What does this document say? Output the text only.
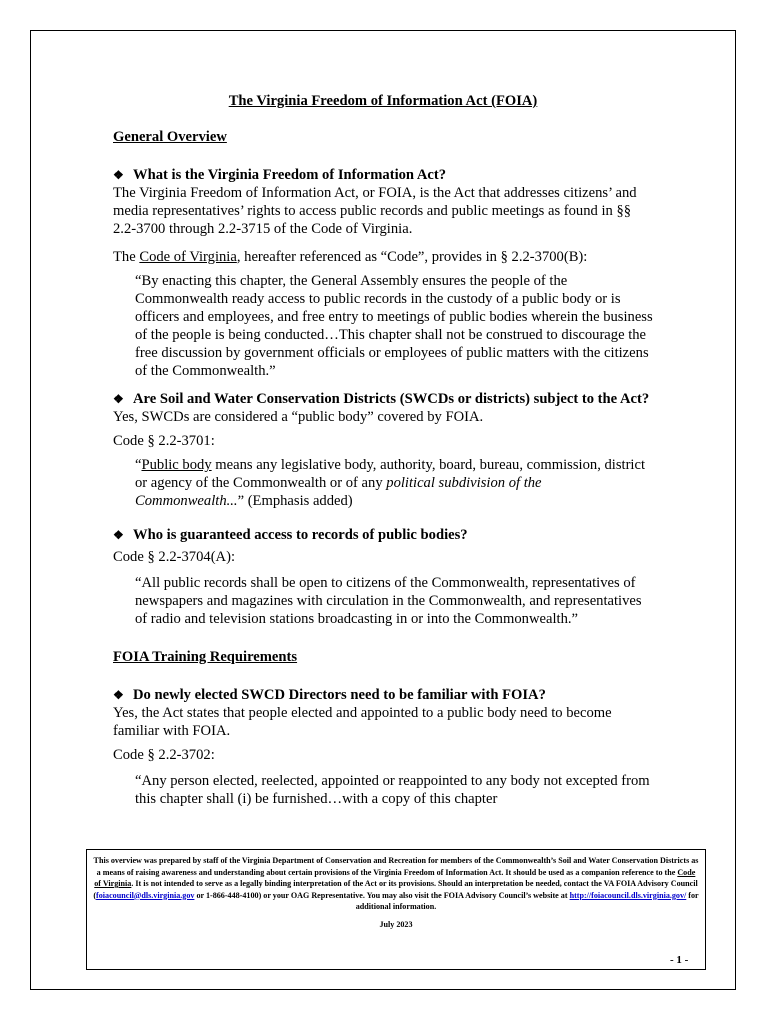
The Virginia Freedom of Information Act (FOIA)

General Overview

❖ What is the Virginia Freedom of Information Act?

The Virginia Freedom of Information Act, or FOIA, is the Act that addresses citizens’ and media representatives’ rights to access public records and public meetings as found in §§ 2.2-3700 through 2.2-3715 of the Code of Virginia.

The Code of Virginia, hereafter referenced as “Code”, provides in § 2.2-3700(B):

“By enacting this chapter, the General Assembly ensures the people of the Commonwealth ready access to public records in the custody of a public body or is officers and employees, and free entry to meetings of public bodies wherein the business of the people is being conducted…This chapter shall not be construed to discourage the free discussion by government officials or employees of public matters with the citizens of the Commonwealth.”

❖ Are Soil and Water Conservation Districts (SWCDs or districts) subject to the Act?

Yes, SWCDs are considered a “public body” covered by FOIA.

Code § 2.2-3701:

“Public body means any legislative body, authority, board, bureau, commission, district or agency of the Commonwealth or of any political subdivision of the Commonwealth...” (Emphasis added)

❖ Who is guaranteed access to records of public bodies?

Code § 2.2-3704(A):

“All public records shall be open to citizens of the Commonwealth, representatives of newspapers and magazines with circulation in the Commonwealth, and representatives of radio and television stations broadcasting in or into the Commonwealth.”

FOIA Training Requirements

❖ Do newly elected SWCD Directors need to be familiar with FOIA?

Yes, the Act states that people elected and appointed to a public body need to become familiar with FOIA.

Code § 2.2-3702:

“Any person elected, reelected, appointed or reappointed to any body not excepted from this chapter shall (i) be furnished…with a copy of this chapter

This overview was prepared by staff of the Virginia Department of Conservation and Recreation for members of the Commonwealth’s Soil and Water Conservation Districts as a means of raising awareness and understanding about certain provisions of the Virginia Freedom of Information Act. It should be used as a companion reference to the Code of Virginia. It is not intended to serve as a legally binding interpretation of the Act or its provisions. Should an interpretation be needed, contact the VA FOIA Advisory Council (foiacouncil@dls.virginia.gov or 1-866-448-4100) or your OAG Representative. You may also visit the FOIA Advisory Council’s website at http://foiacouncil.dls.virginia.gov/ for additional information.
July 2023
- 1 -
